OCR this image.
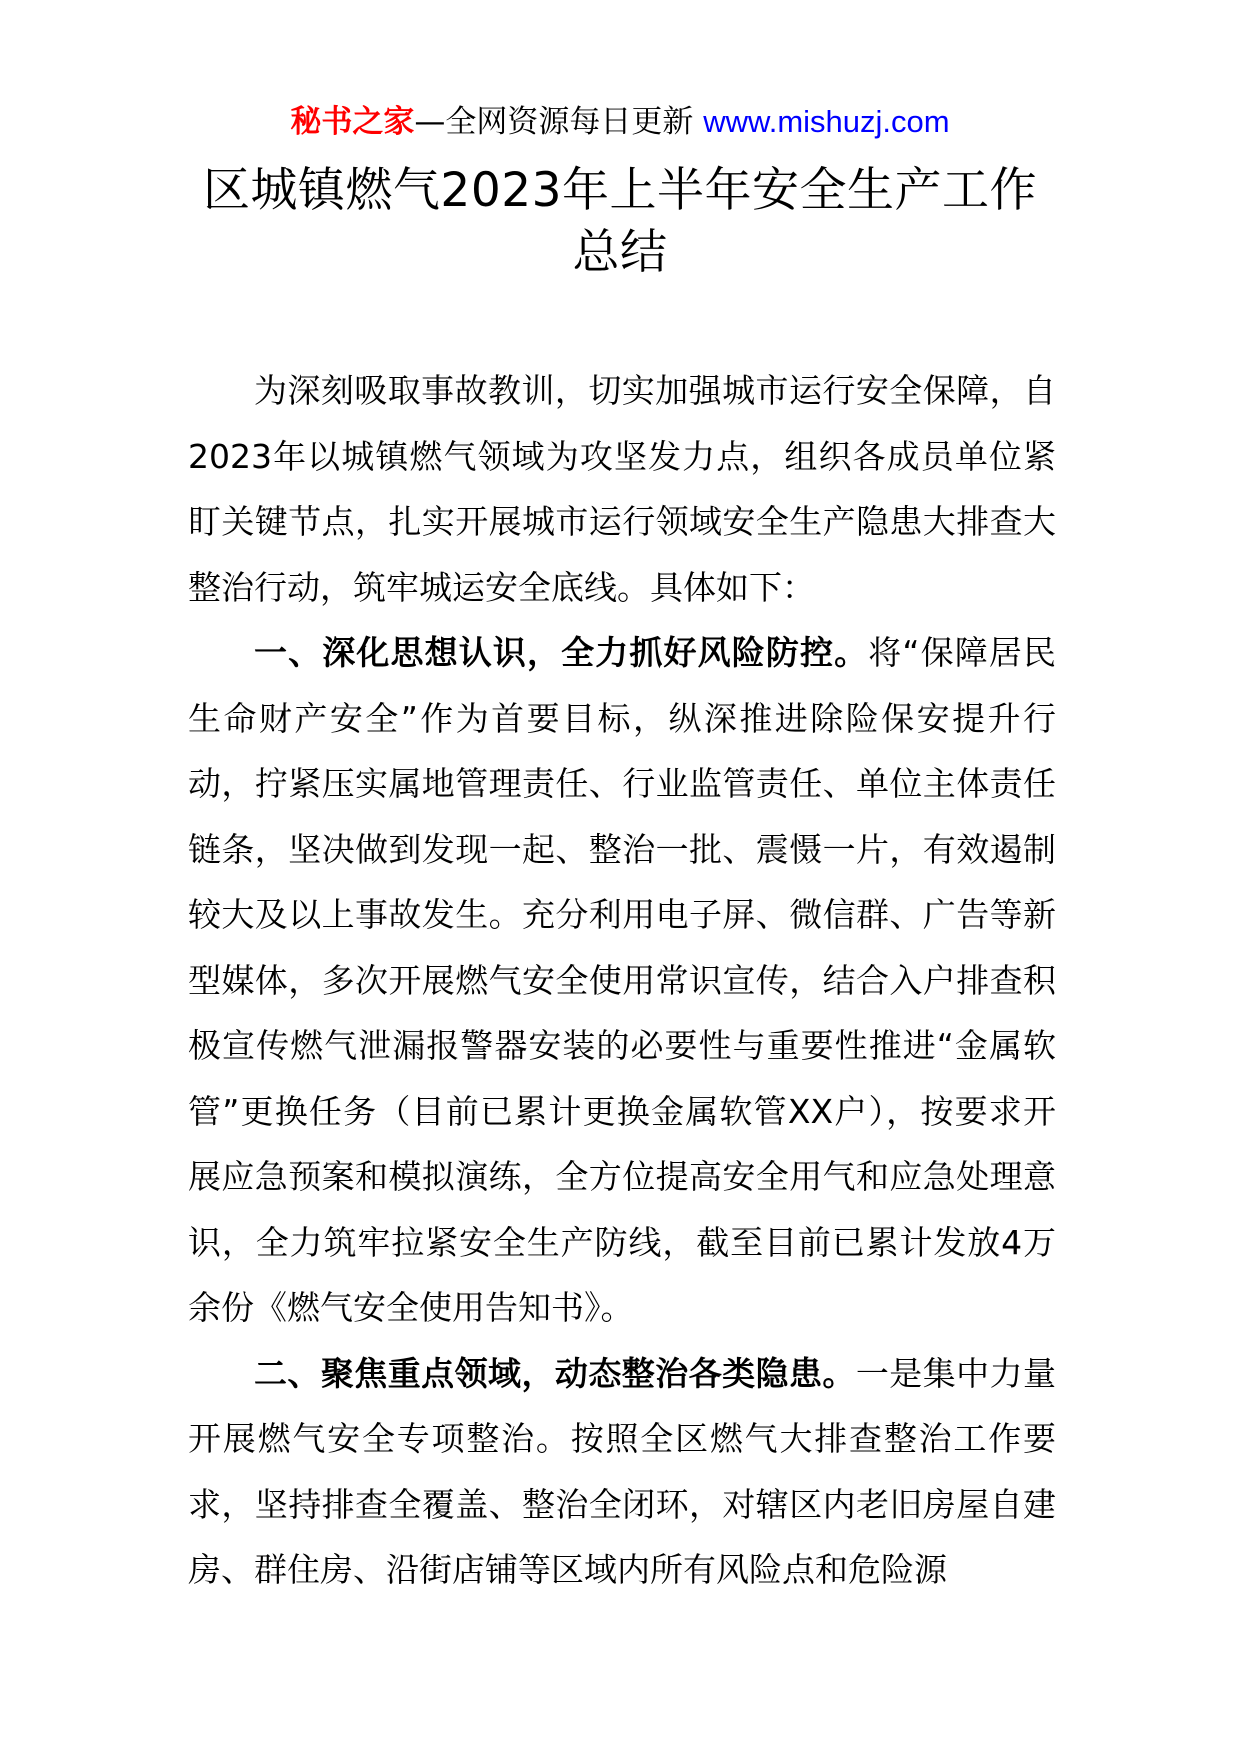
秘书之家—全网资源每日更新 www.mishuzj.com
区城镇燃气2023年上半年安全生产工作总结

为深刻吸取事故教训，切实加强城市运行安全保障，自2023年以城镇燃气领域为攻坚发力点，组织各成员单位紧盯关键节点，扎实开展城市运行领域安全生产隐患大排查大整治行动，筑牢城运安全底线。具体如下：

一、深化思想认识，全力抓好风险防控。将“保障居民生命财产安全”作为首要目标，纵深推进除险保安提升行动，拧紧压实属地管理责任、行业监管责任、单位主体责任链条，坚决做到发现一起、整治一批、震慑一片，有效遏制较大及以上事故发生。充分利用电子屏、微信群、广告等新型媒体，多次开展燃气安全使用常识宣传，结合入户排查积极宣传燃气泄漏报警器安装的必要性与重要性推进“金属软管”更换任务（目前已累计更换金属软管XX户），按要求开展应急预案和模拟演练，全方位提高安全用气和应急处理意识，全力筑牢拉紧安全生产防线，截至目前已累计发放4万余份《燃气安全使用告知书》。

二、聚焦重点领域，动态整治各类隐患。一是集中力量开展燃气安全专项整治。按照全区燃气大排查整治工作要求，坚持排查全覆盖、整治全闭环，对辖区内老旧房屋自建房、群住房、沿街店铺等区域内所有风险点和危险源
